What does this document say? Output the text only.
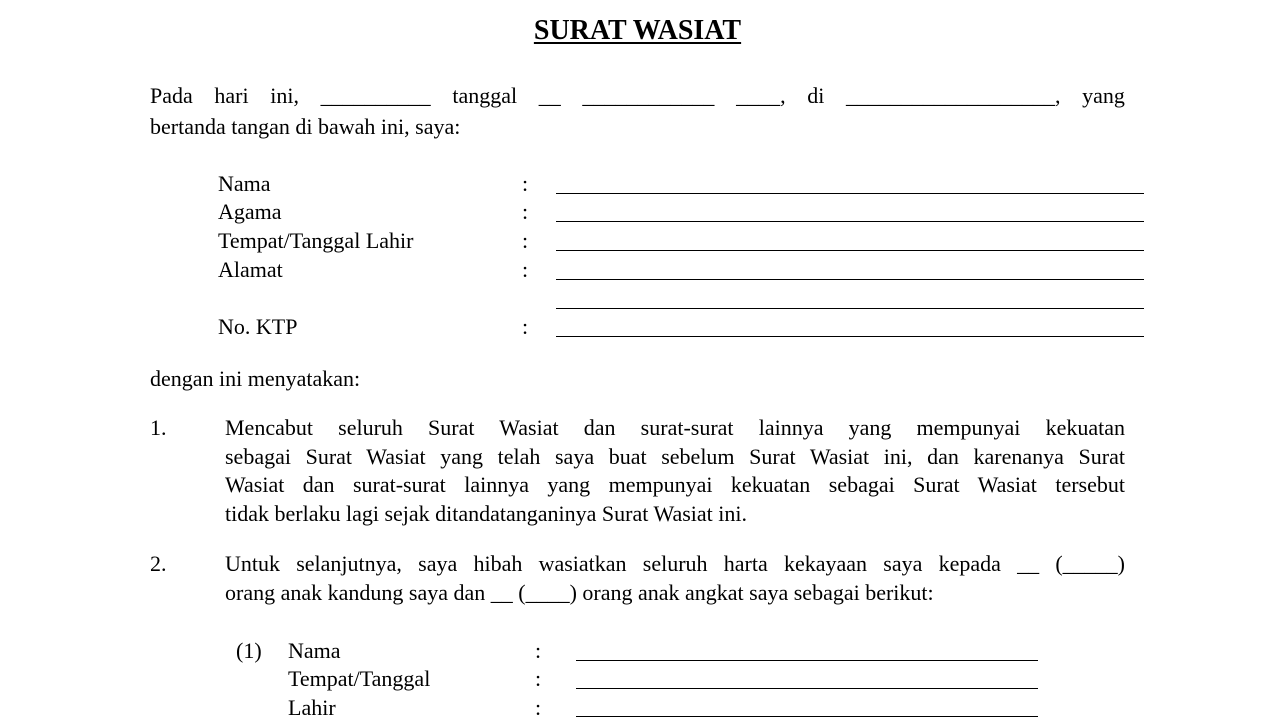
SURAT WASIAT
Pada hari ini, __________ tanggal __ ____________ ____, di ___________________, yang
bertanda tangan di bawah ini, saya:
Nama	:
Agama	:
Tempat/Tanggal Lahir	:
Alamat	:
No. KTP	:
dengan ini menyatakan:
1.	Mencabut seluruh Surat Wasiat dan surat-surat lainnya yang mempunyai kekuatan
sebagai Surat Wasiat yang telah saya buat sebelum Surat Wasiat ini, dan karenanya Surat
Wasiat dan surat-surat lainnya yang mempunyai kekuatan sebagai Surat Wasiat tersebut
tidak berlaku lagi sejak ditandatanganinya Surat Wasiat ini.
2.	Untuk selanjutnya, saya hibah wasiatkan seluruh harta kekayaan saya kepada __ (_____)
orang anak kandung saya dan __ (____) orang anak angkat saya sebagai berikut:
(1) Nama	:
Tempat/Tanggal	:
Lahir	:
